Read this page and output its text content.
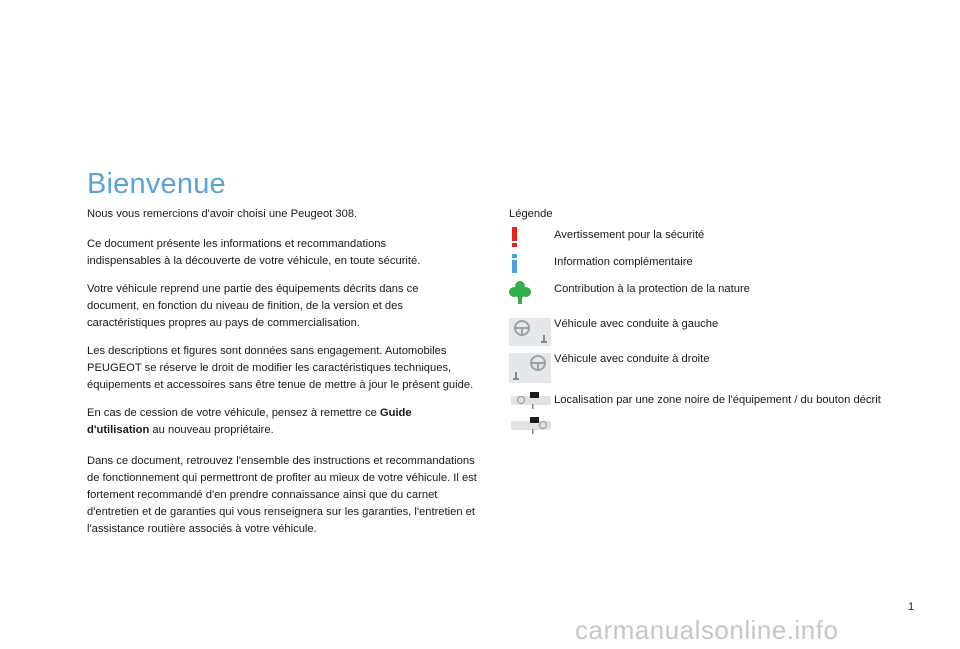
Bienvenue

Nous vous remercions d'avoir choisi une Peugeot 308.

Ce document présente les informations et recommandations indispensables à la découverte de votre véhicule, en toute sécurité.

Votre véhicule reprend une partie des équipements décrits dans ce document, en fonction du niveau de finition, de la version et des caractéristiques propres au pays de commercialisation.

Les descriptions et figures sont données sans engagement. Automobiles PEUGEOT se réserve le droit de modifier les caractéristiques techniques, équipements et accessoires sans être tenue de mettre à jour le présent guide.

En cas de cession de votre véhicule, pensez à remettre ce Guide d'utilisation au nouveau propriétaire.

Dans ce document, retrouvez l'ensemble des instructions et recommandations de fonctionnement qui permettront de profiter au mieux de votre véhicule. Il est fortement recommandé d'en prendre connaissance ainsi que du carnet d'entretien et de garanties qui vous renseignera sur les garanties, l'entretien et l'assistance routière associés à votre véhicule.

Légende
Avertissement pour la sécurité
Information complémentaire
Contribution à la protection de la nature
Véhicule avec conduite à gauche
Véhicule avec conduite à droite
Localisation par une zone noire de l'équipement / du bouton décrit
1
carmanualsonline.info
